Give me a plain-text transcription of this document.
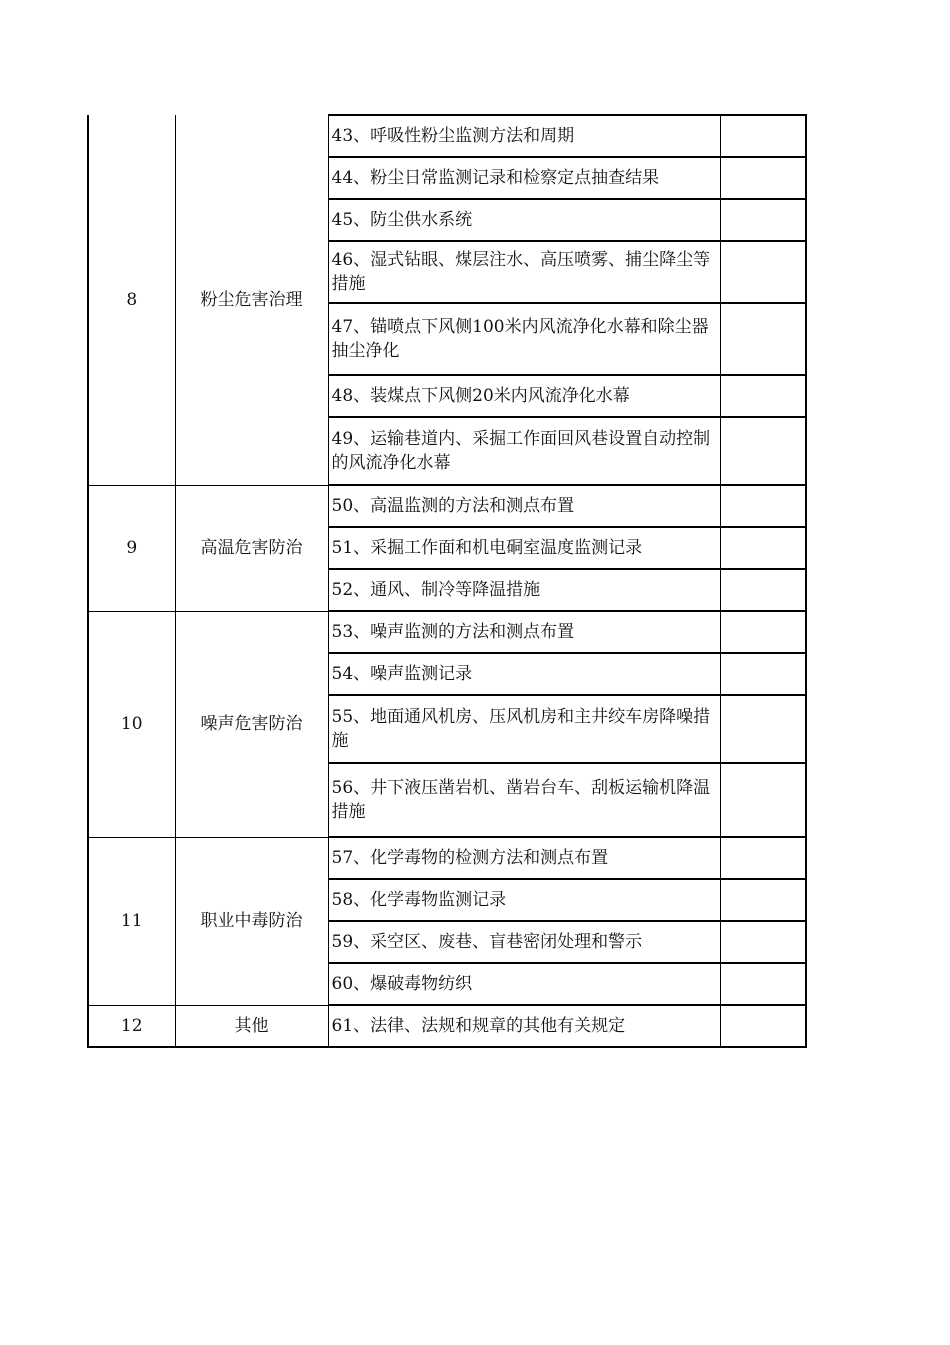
8	粉尘危害治理	43、呼吸性粉尘监测方法和周期	
		44、粉尘日常监测记录和检察定点抽查结果	
		45、防尘供水系统	
		46、湿式钻眼、煤层注水、高压喷雾、捕尘降尘等措施	
		47、锚喷点下风侧100米内风流净化水幕和除尘器抽尘净化	
		48、装煤点下风侧20米内风流净化水幕	
		49、运输巷道内、采掘工作面回风巷设置自动控制的风流净化水幕	
9	高温危害防治	50、高温监测的方法和测点布置	
		51、采掘工作面和机电硐室温度监测记录	
		52、通风、制冷等降温措施	
10	噪声危害防治	53、噪声监测的方法和测点布置	
		54、噪声监测记录	
		55、地面通风机房、压风机房和主井绞车房降噪措施	
		56、井下液压凿岩机、凿岩台车、刮板运输机降温措施	
11	职业中毒防治	57、化学毒物的检测方法和测点布置	
		58、化学毒物监测记录	
		59、采空区、废巷、盲巷密闭处理和警示	
		60、爆破毒物纺织	
12	其他	61、法律、法规和规章的其他有关规定	
